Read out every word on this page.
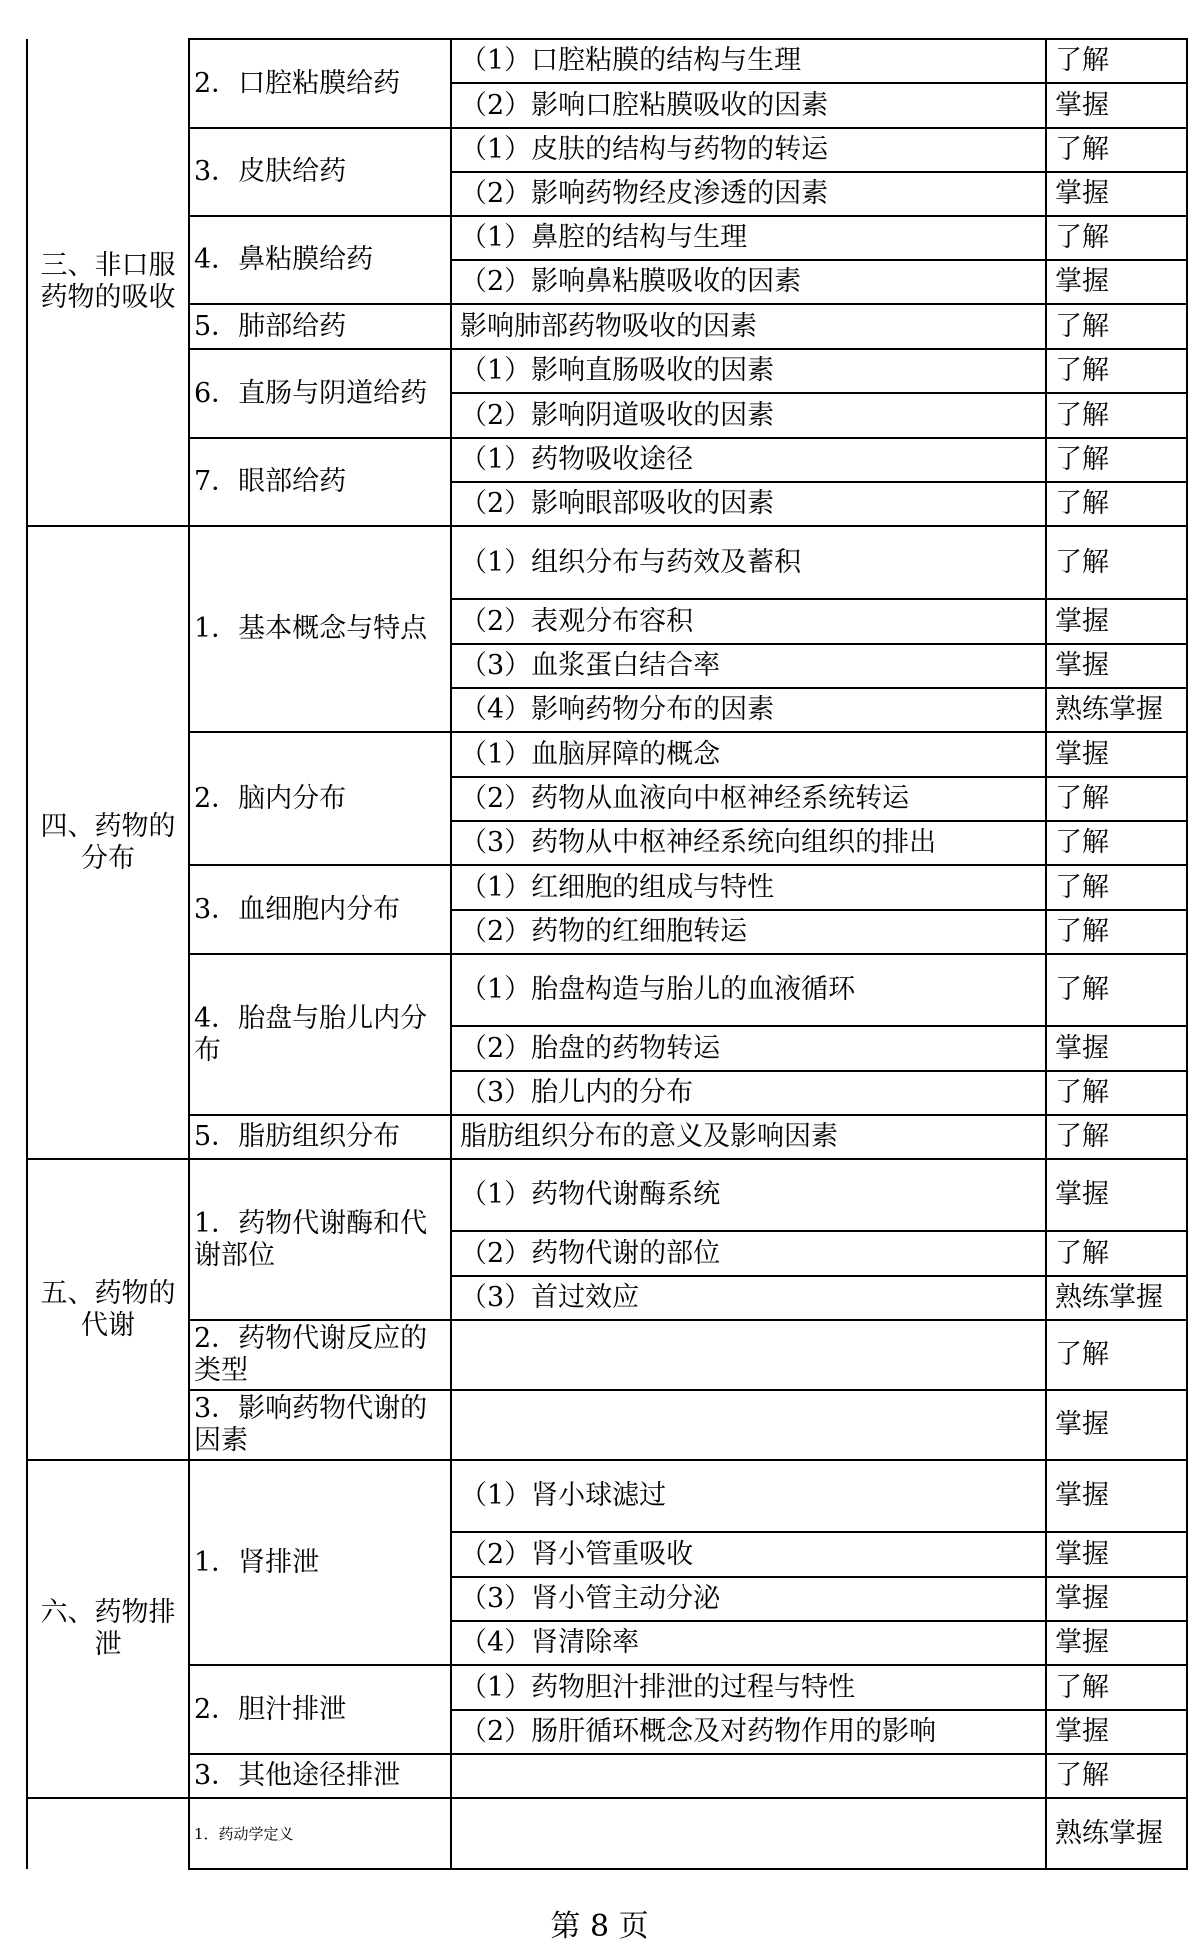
三、非口服药物的吸收	2．口腔粘膜给药	（1）口腔粘膜的结构与生理	了解
		（2）影响口腔粘膜吸收的因素	掌握
	3．皮肤给药	（1）皮肤的结构与药物的转运	了解
		（2）影响药物经皮渗透的因素	掌握
	4．鼻粘膜给药	（1）鼻腔的结构与生理	了解
		（2）影响鼻粘膜吸收的因素	掌握
	5．肺部给药	影响肺部药物吸收的因素	了解
	6．直肠与阴道给药	（1）影响直肠吸收的因素	了解
		（2）影响阴道吸收的因素	了解
	7．眼部给药	（1）药物吸收途径	了解
		（2）影响眼部吸收的因素	了解
四、药物的分布	1．基本概念与特点	（1）组织分布与药效及蓄积	了解
		（2）表观分布容积	掌握
		（3）血浆蛋白结合率	掌握
		（4）影响药物分布的因素	熟练掌握
	2．脑内分布	（1）血脑屏障的概念	掌握
		（2）药物从血液向中枢神经系统转运	了解
		（3）药物从中枢神经系统向组织的排出	了解
	3．血细胞内分布	（1）红细胞的组成与特性	了解
		（2）药物的红细胞转运	了解
	4．胎盘与胎儿内分布	（1）胎盘构造与胎儿的血液循环	了解
		（2）胎盘的药物转运	掌握
		（3）胎儿内的分布	了解
	5．脂肪组织分布	脂肪组织分布的意义及影响因素	了解
五、药物的代谢	1．药物代谢酶和代谢部位	（1）药物代谢酶系统	掌握
		（2）药物代谢的部位	了解
		（3）首过效应	熟练掌握
	2．药物代谢反应的类型		了解
	3．影响药物代谢的因素		掌握
六、药物排泄	1．肾排泄	（1）肾小球滤过	掌握
		（2）肾小管重吸收	掌握
		（3）肾小管主动分泌	掌握
		（4）肾清除率	掌握
	2．胆汁排泄	（1）药物胆汁排泄的过程与特性	了解
		（2）肠肝循环概念及对药物作用的影响	掌握
	3．其他途径排泄		了解
	1．药动学定义		熟练掌握
第 8 页
